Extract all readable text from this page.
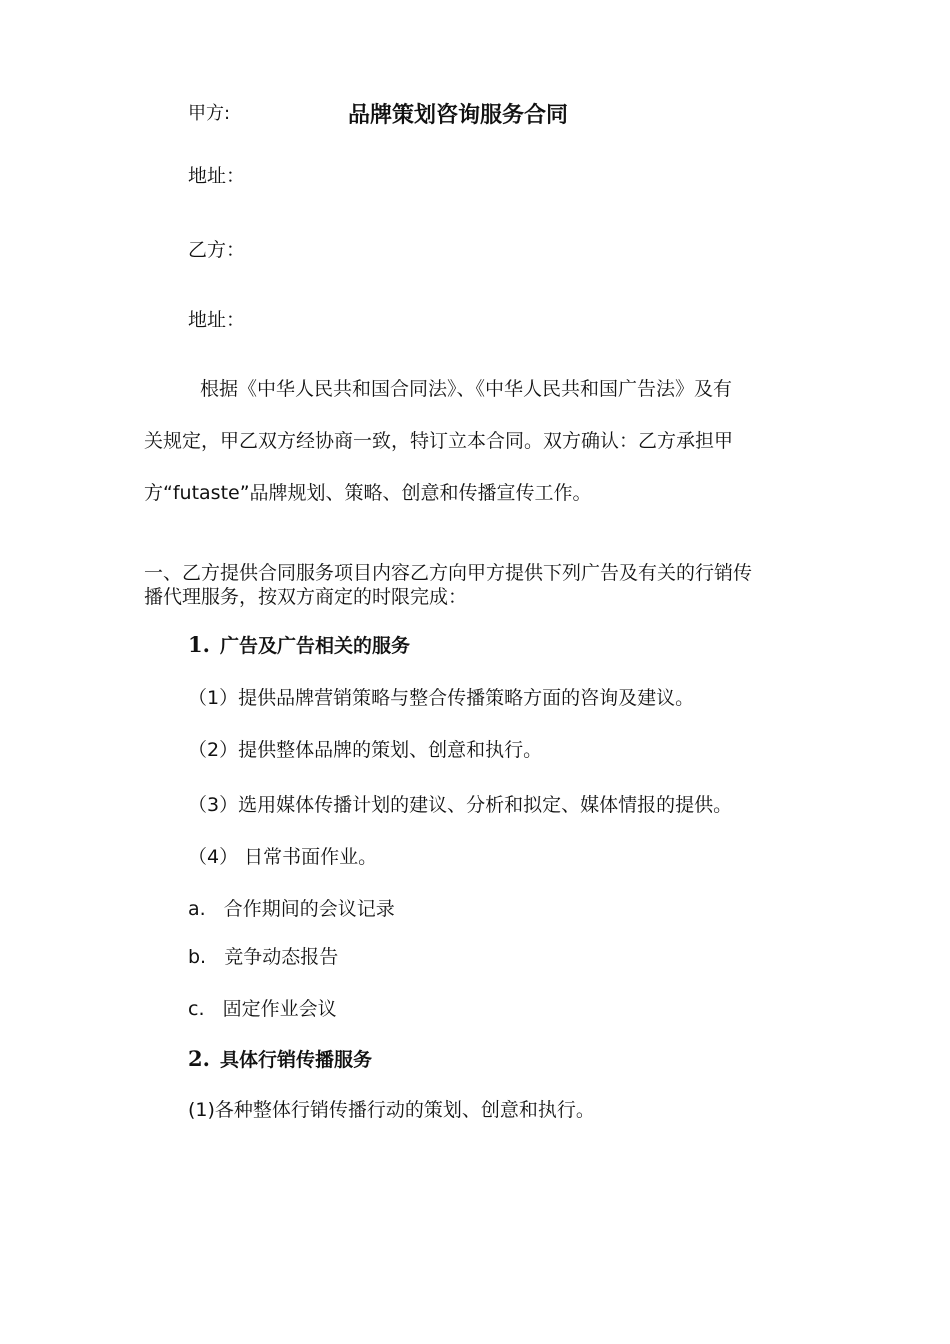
甲方:	品牌策划咨询服务合同
地址：
乙方：
地址：
根据《中华人民共和国合同法》、《中华人民共和国广告法》及有
关规定，甲乙双方经协商一致，特订立本合同。双方确认：乙方承担甲
方“futaste”品牌规划、策略、创意和传播宣传工作。
一、乙方提供合同服务项目内容乙方向甲方提供下列广告及有关的行销传
播代理服务，按双方商定的时限完成：
1. 广告及广告相关的服务
（1）提供品牌营销策略与整合传播策略方面的咨询及建议。
（2）提供整体品牌的策划、创意和执行。
（3）选用媒体传播计划的建议、分析和拟定、媒体情报的提供。
（4） 日常书面作业。
a.   合作期间的会议记录
b.   竞争动态报告
c.   固定作业会议
2. 具体行销传播服务
(1)各种整体行销传播行动的策划、创意和执行。
